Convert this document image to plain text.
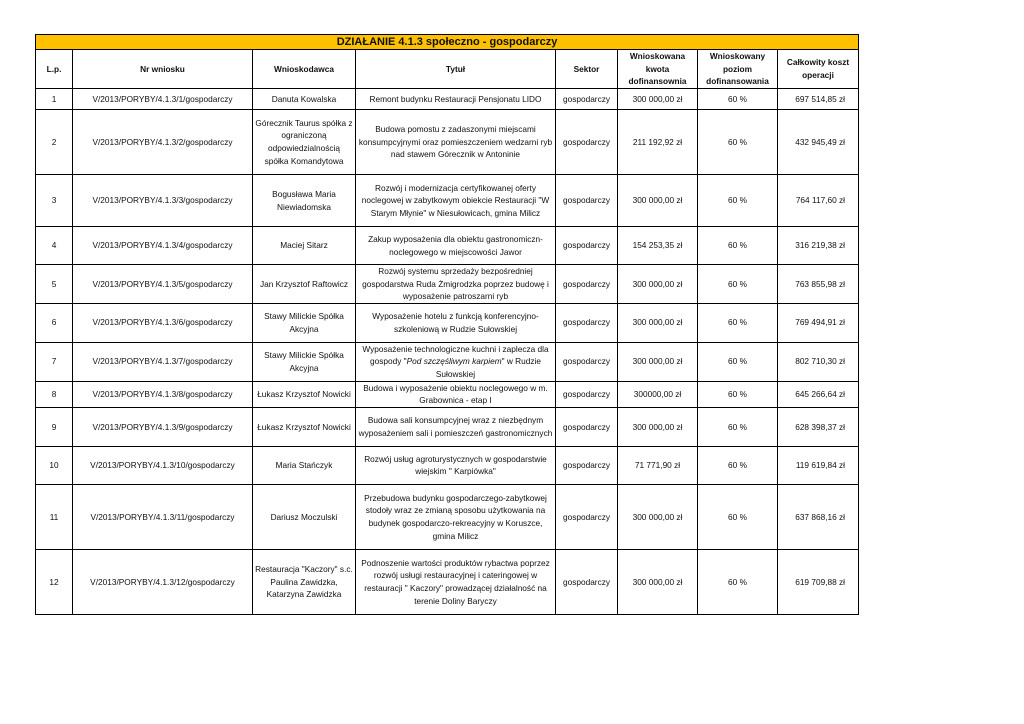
DZIAŁANIE 4.1.3 społeczno - gospodarczy							
L.p.	Nr wniosku	Wnioskodawca	Tytuł	Sektor	Wnioskowana kwota dofinansownia	Wnioskowany poziom dofinansowania	Całkowity koszt operacji
1	V/2013/PORYBY/4.1.3/1/gospodarczy	Danuta Kowalska	Remont budynku Restauracji Pensjonatu LIDO	gospodarczy	300 000,00 zł	60 %	697 514,85 zł
2	V/2013/PORYBY/4.1.3/2/gospodarczy	Górecznik Taurus spółka z ograniczoną odpowiedzialnością spółka Komandytowa	Budowa pomostu z zadaszonymi miejscami konsumpcyjnymi oraz pomieszczeniem wedzarni ryb nad stawem Górecznik w Antoninie	gospodarczy	211 192,92 zł	60 %	432 945,49 zł
3	V/2013/PORYBY/4.1.3/3/gospodarczy	Bogusława Maria Niewiadomska	Rozwój i modernizacja certyfikowanej oferty noclegowej w zabytkowym obiekcie Restauracji "W Starym Młynie" w Niesułowicach, gmina Milicz	gospodarczy	300 000,00 zł	60 %	764 117,60 zł
4	V/2013/PORYBY/4.1.3/4/gospodarczy	Maciej Sitarz	Zakup wyposażenia dla obiektu gastronomiczn-noclegowego w miejscowości Jawor	gospodarczy	154 253,35 zł	60 %	316 219,38 zł
5	V/2013/PORYBY/4.1.3/5/gospodarczy	Jan Krzysztof Raftowicz	Rozwój systemu sprzedaży bezpośredniej gospodarstwa Ruda Żmigrodzka poprzez budowę i wyposażenie patroszarni ryb	gospodarczy	300 000,00 zł	60 %	763 855,98 zł
6	V/2013/PORYBY/4.1.3/6/gospodarczy	Stawy Milickie Spółka Akcyjna	Wyposażenie hotelu z funkcją konferencyjno-szkoleniową w Rudzie Sułowskiej	gospodarczy	300 000,00 zł	60 %	769 494,91 zł
7	V/2013/PORYBY/4.1.3/7/gospodarczy	Stawy Milickie Spółka Akcyjna	Wyposażenie technologiczne kuchni i zaplecza dla gospody "Pod szczęśliwym karpiem" w Rudzie Sułowskiej	gospodarczy	300 000,00 zł	60 %	802 710,30 zł
8	V/2013/PORYBY/4.1.3/8/gospodarczy	Łukasz Krzysztof Nowicki	Budowa i wyposażenie obiektu noclegowego w m. Grabownica - etap I	gospodarczy	300000,00 zł	60 %	645 266,64 zł
9	V/2013/PORYBY/4.1.3/9/gospodarczy	Łukasz Krzysztof Nowicki	Budowa sali konsumpcyjnej wraz z niezbędnym wyposażeniem sali i pomieszczeń gastronomicznych	gospodarczy	300 000,00 zł	60 %	628 398,37 zł
10	V/2013/PORYBY/4.1.3/10/gospodarczy	Maria Stańczyk	Rozwój usług agroturystycznych w gospodarstwie wiejskim " Karpiówka"	gospodarczy	71 771,90 zł	60 %	119 619,84 zł
11	V/2013/PORYBY/4.1.3/11/gospodarczy	Dariusz Moczulski	Przebudowa budynku gospodarczego-zabytkowej stodoły wraz ze zmianą sposobu użytkowania na budynek gospodarczo-rekreacyjny w Koruszce, gmina Milicz	gospodarczy	300 000,00 zł	60 %	637 868,16 zł
12	V/2013/PORYBY/4.1.3/12/gospodarczy	Restauracja "Kaczory" s.c. Paulina Zawidzka, Katarzyna Zawidzka	Podnoszenie wartości produktów rybactwa poprzez rozwój usługi restauracyjnej i cateringowej w restauracji " Kaczory" prowadzącej działalność na terenie Doliny Baryczy	gospodarczy	300 000,00 zł	60 %	619 709,88 zł
